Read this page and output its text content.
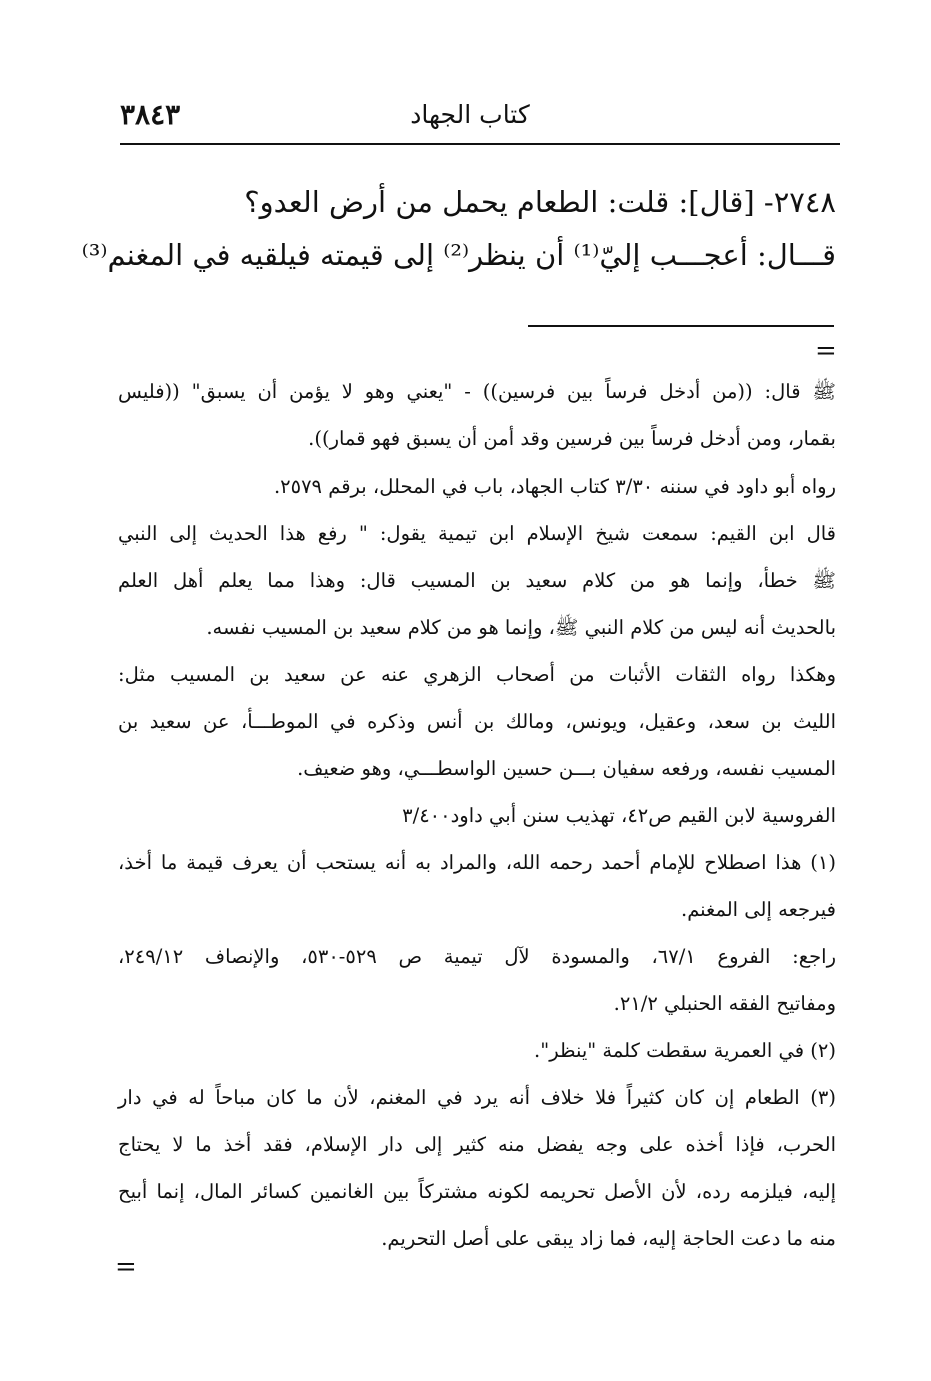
٣٨٤٣	كتاب الجهاد
٢٧٤٨- [قال]: قلت: الطعام يحمل من أرض العدو؟
قـــال: أعجـــب إليّ⁽¹⁾ أن ينظر⁽²⁾ إلى قيمته فيلقيه في المغنم⁽³⁾
=
ﷺ قال: ((من أدخل فرساً بين فرسين)) - "يعني وهو لا يؤمن أن يسبق" ((فليس
بقمار، ومن أدخل فرساً بين فرسين وقد أمن أن يسبق فهو قمار)).
رواه أبو داود في سننه ٣/٣٠ كتاب الجهاد، باب في المحلل، برقم ٢٥٧٩.
قال ابن القيم: سمعت شيخ الإسلام ابن تيمية يقول: " رفع هذا الحديث إلى النبي
ﷺ خطأ، وإنما هو من كلام سعيد بن المسيب قال: وهذا مما يعلم أهل العلم
بالحديث أنه ليس من كلام النبي ﷺ، وإنما هو من كلام سعيد بن المسيب نفسه.
وهكذا رواه الثقات الأثبات من أصحاب الزهري عنه عن سعيد بن المسيب مثل:
الليث بن سعد، وعقيل، ويونس، ومالك بن أنس وذكره في الموطـــأ، عن سعيد بن
المسيب نفسه، ورفعه سفيان بـــن حسين الواسطـــي، وهو ضعيف.
الفروسية لابن القيم ص٤٢، تهذيب سنن أبي داود٣/٤٠٠
(١) هذا اصطلاح للإمام أحمد رحمه الله، والمراد به أنه يستحب أن يعرف قيمة ما أخذ،
فيرجعه إلى المغنم.
راجع: الفروع ٦٧/١، والمسودة لآل تيمية ص ٥٢٩-٥٣٠، والإنصاف ٢٤٩/١٢،
ومفاتيح الفقه الحنبلي ٢١/٢.
(٢) في العمرية سقطت كلمة "ينظر".
(٣) الطعام إن كان كثيراً فلا خلاف أنه يرد في المغنم، لأن ما كان مباحاً له في دار
الحرب، فإذا أخذه على وجه يفضل منه كثير إلى دار الإسلام، فقد أخذ ما لا يحتاج
إليه، فيلزمه رده، لأن الأصل تحريمه لكونه مشتركاً بين الغانمين كسائر المال، إنما أبيح
منه ما دعت الحاجة إليه، فما زاد يبقى على أصل التحريم.
=
